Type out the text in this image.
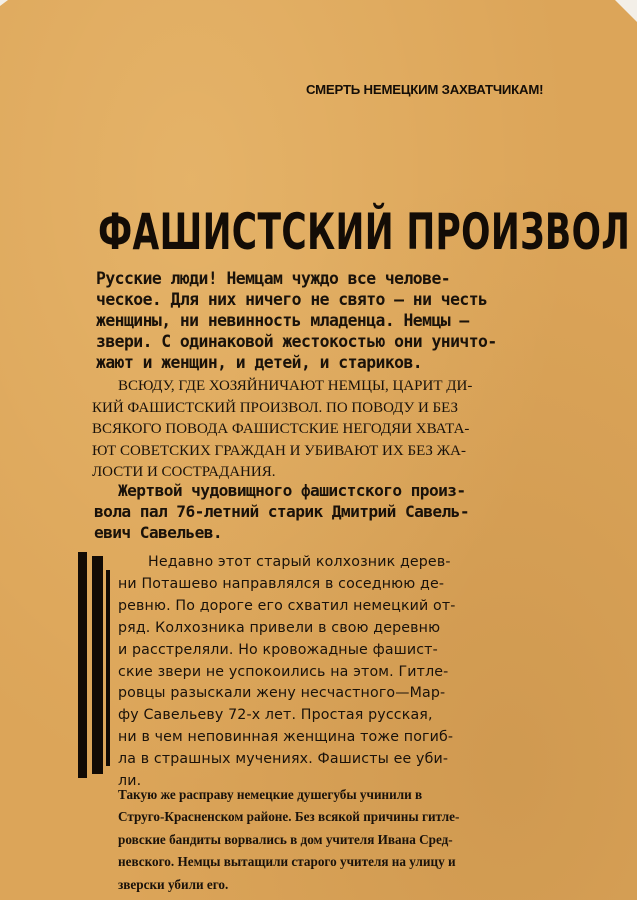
СМЕРТЬ НЕМЕЦКИМ ЗАХВАТЧИКАМ!
ФАШИСТСКИЙ ПРОИЗВОЛ
Русские люди! Немцам чуждо все челове-
ческое. Для них ничего не свято – ни честь
женщины, ни невинность младенца. Немцы —
звери. С одинаковой жестокостью они уничто-
жают и женщин, и детей, и стариков.
ВСЮДУ, ГДЕ ХОЗЯЙНИЧАЮТ НЕМЦЫ, ЦАРИТ ДИ-
КИЙ ФАШИСТСКИЙ ПРОИЗВОЛ. ПО ПОВОДУ И БЕЗ
ВСЯКОГО ПОВОДА ФАШИСТСКИЕ НЕГОДЯИ ХВАТА-
ЮТ СОВЕТСКИХ ГРАЖДАН И УБИВАЮТ ИХ БЕЗ ЖА-
ЛОСТИ И СОСТРАДАНИЯ.
Жертвой чудовищного фашистского произ-
вола пал 76-летний старик Дмитрий Савель-
евич Савельев.
Недавно этот старый колхозник дерев-
ни Поташево направлялся в соседнюю де-
ревню. По дороге его схватил немецкий от-
ряд. Колхозника привели в свою деревню
и расстреляли. Но кровожадные фашист-
ские звери не успокоились на этом. Гитле-
ровцы разыскали жену несчастного—Мар-
фу Савельеву 72-х лет. Простая русская,
ни в чем неповинная женщина тоже погиб-
ла в страшных мучениях. Фашисты ее уби-
ли.
Такую же расправу немецкие душегубы учинили в
Струго-Красненском районе. Без всякой причины гитле-
ровские бандиты ворвались в дом учителя Ивана Сред-
невского. Немцы вытащили старого учителя на улицу и
зверски убили его.
